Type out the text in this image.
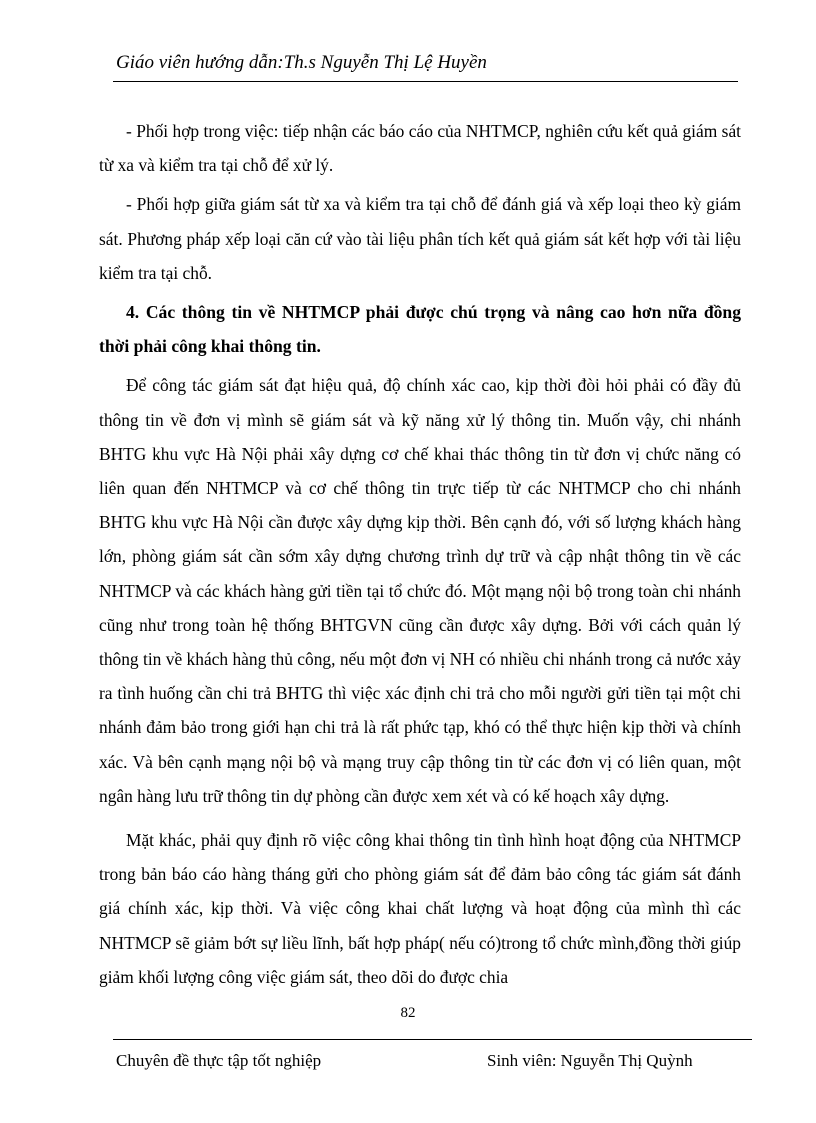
Giáo viên hướng dẫn:Th.s Nguyễn Thị Lệ Huyền

- Phối hợp trong việc: tiếp nhận các báo cáo của NHTMCP, nghiên cứu kết quả giám sát từ xa và kiểm tra tại chỗ để xử lý.

- Phối hợp giữa giám sát từ xa và kiểm tra tại chỗ để đánh giá và xếp loại theo kỳ giám sát. Phương pháp xếp loại căn cứ vào tài liệu phân tích kết quả giám sát kết hợp với tài liệu kiểm tra tại chỗ.

4. Các thông tin về NHTMCP phải được chú trọng và nâng cao hơn nữa đồng thời phải công khai thông tin.

Để công tác giám sát đạt hiệu quả, độ chính xác cao, kịp thời đòi hỏi phải có đầy đủ thông tin về đơn vị mình sẽ giám sát và kỹ năng xử lý thông tin. Muốn vậy, chi nhánh BHTG khu vực Hà Nội phải xây dựng cơ chế khai thác thông tin từ đơn vị chức năng có liên quan đến NHTMCP và cơ chế thông tin trực tiếp từ các NHTMCP cho chi nhánh BHTG khu vực Hà Nội cần được xây dựng kịp thời. Bên cạnh đó, với số lượng khách hàng lớn, phòng giám sát cần sớm xây dựng chương trình dự trữ và cập nhật thông tin về các NHTMCP và các khách hàng gửi tiền tại tổ chức đó. Một mạng nội bộ trong toàn chi nhánh cũng như trong toàn hệ thống BHTGVN cũng cần được xây dựng. Bởi với cách quản lý thông tin về khách hàng thủ công, nếu một đơn vị NH có nhiều chi nhánh trong cả nước xảy ra tình huống cần chi trả BHTG thì việc xác định chi trả cho mỗi người gửi tiền tại một chi nhánh đảm bảo trong giới hạn chi trả là rất phức tạp, khó có thể thực hiện kịp thời và chính xác. Và bên cạnh mạng nội bộ và mạng truy cập thông tin từ các đơn vị có liên quan, một ngân hàng lưu trữ thông tin dự phòng cần được xem xét và có kế hoạch xây dựng.

Mặt khác, phải quy định rõ việc công khai thông tin tình hình hoạt động của NHTMCP trong bản báo cáo hàng tháng gửi cho phòng giám sát để đảm bảo công tác giám sát đánh giá chính xác, kịp thời. Và việc công khai chất lượng và hoạt động của mình thì các NHTMCP sẽ giảm bớt sự liều lĩnh, bất hợp pháp( nếu có)trong tổ chức mình,đồng thời giúp giảm khối lượng công việc giám sát, theo dõi do được chia

82
Chuyên đề thực tập tốt nghiệp	Sinh viên: Nguyễn Thị Quỳnh
